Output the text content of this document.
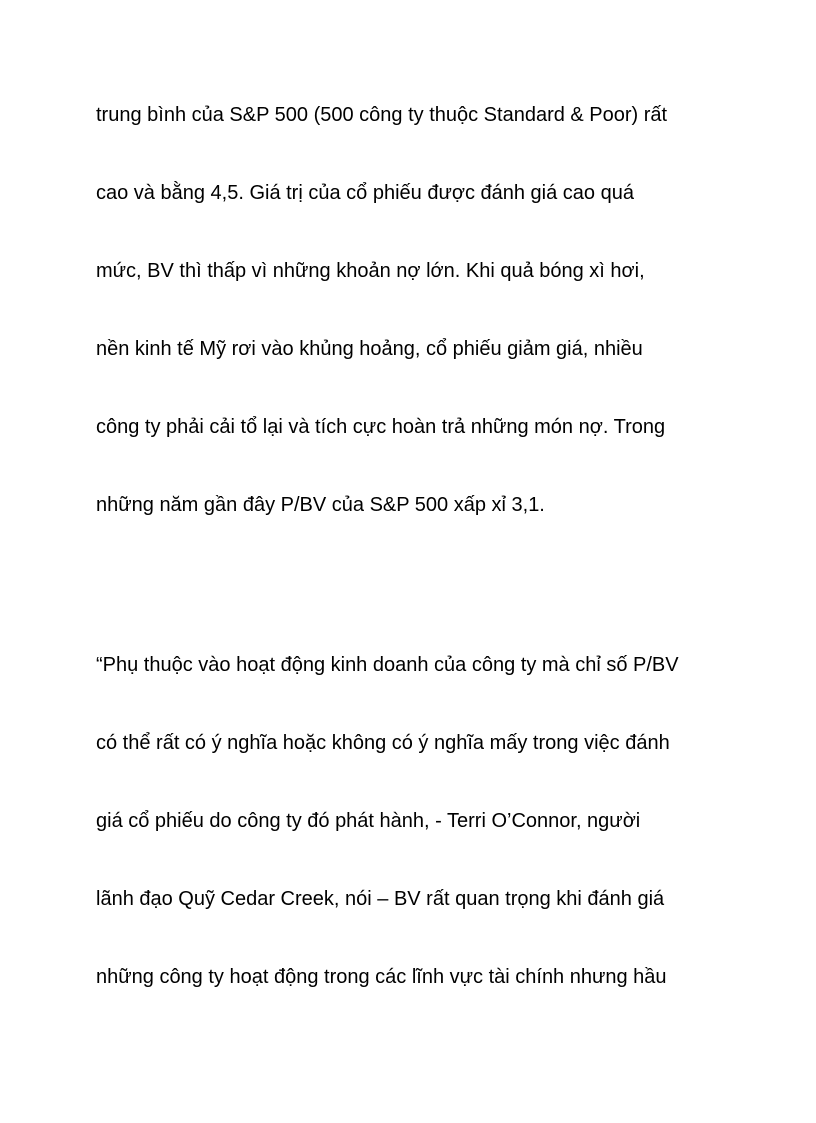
trung bình của S&P 500 (500 công ty thuộc Standard & Poor) rất
cao và bằng 4,5. Giá trị của cổ phiếu được đánh giá cao quá
mức, BV thì thấp vì những khoản nợ lớn. Khi quả bóng xì hơi,
nền kinh tế Mỹ rơi vào khủng hoảng, cổ phiếu giảm giá, nhiều
công ty phải cải tổ lại và tích cực hoàn trả những món nợ. Trong
những năm gần đây P/BV của S&P 500 xấp xỉ 3,1.
“Phụ thuộc vào hoạt động kinh doanh của công ty mà chỉ số P/BV
có thể rất có ý nghĩa hoặc không có ý nghĩa mấy trong việc đánh
giá cổ phiếu do công ty đó phát hành, - Terri O’Connor, người
lãnh đạo Quỹ Cedar Creek, nói – BV rất quan trọng khi đánh giá
những công ty hoạt động trong các lĩnh vực tài chính nhưng hầu
